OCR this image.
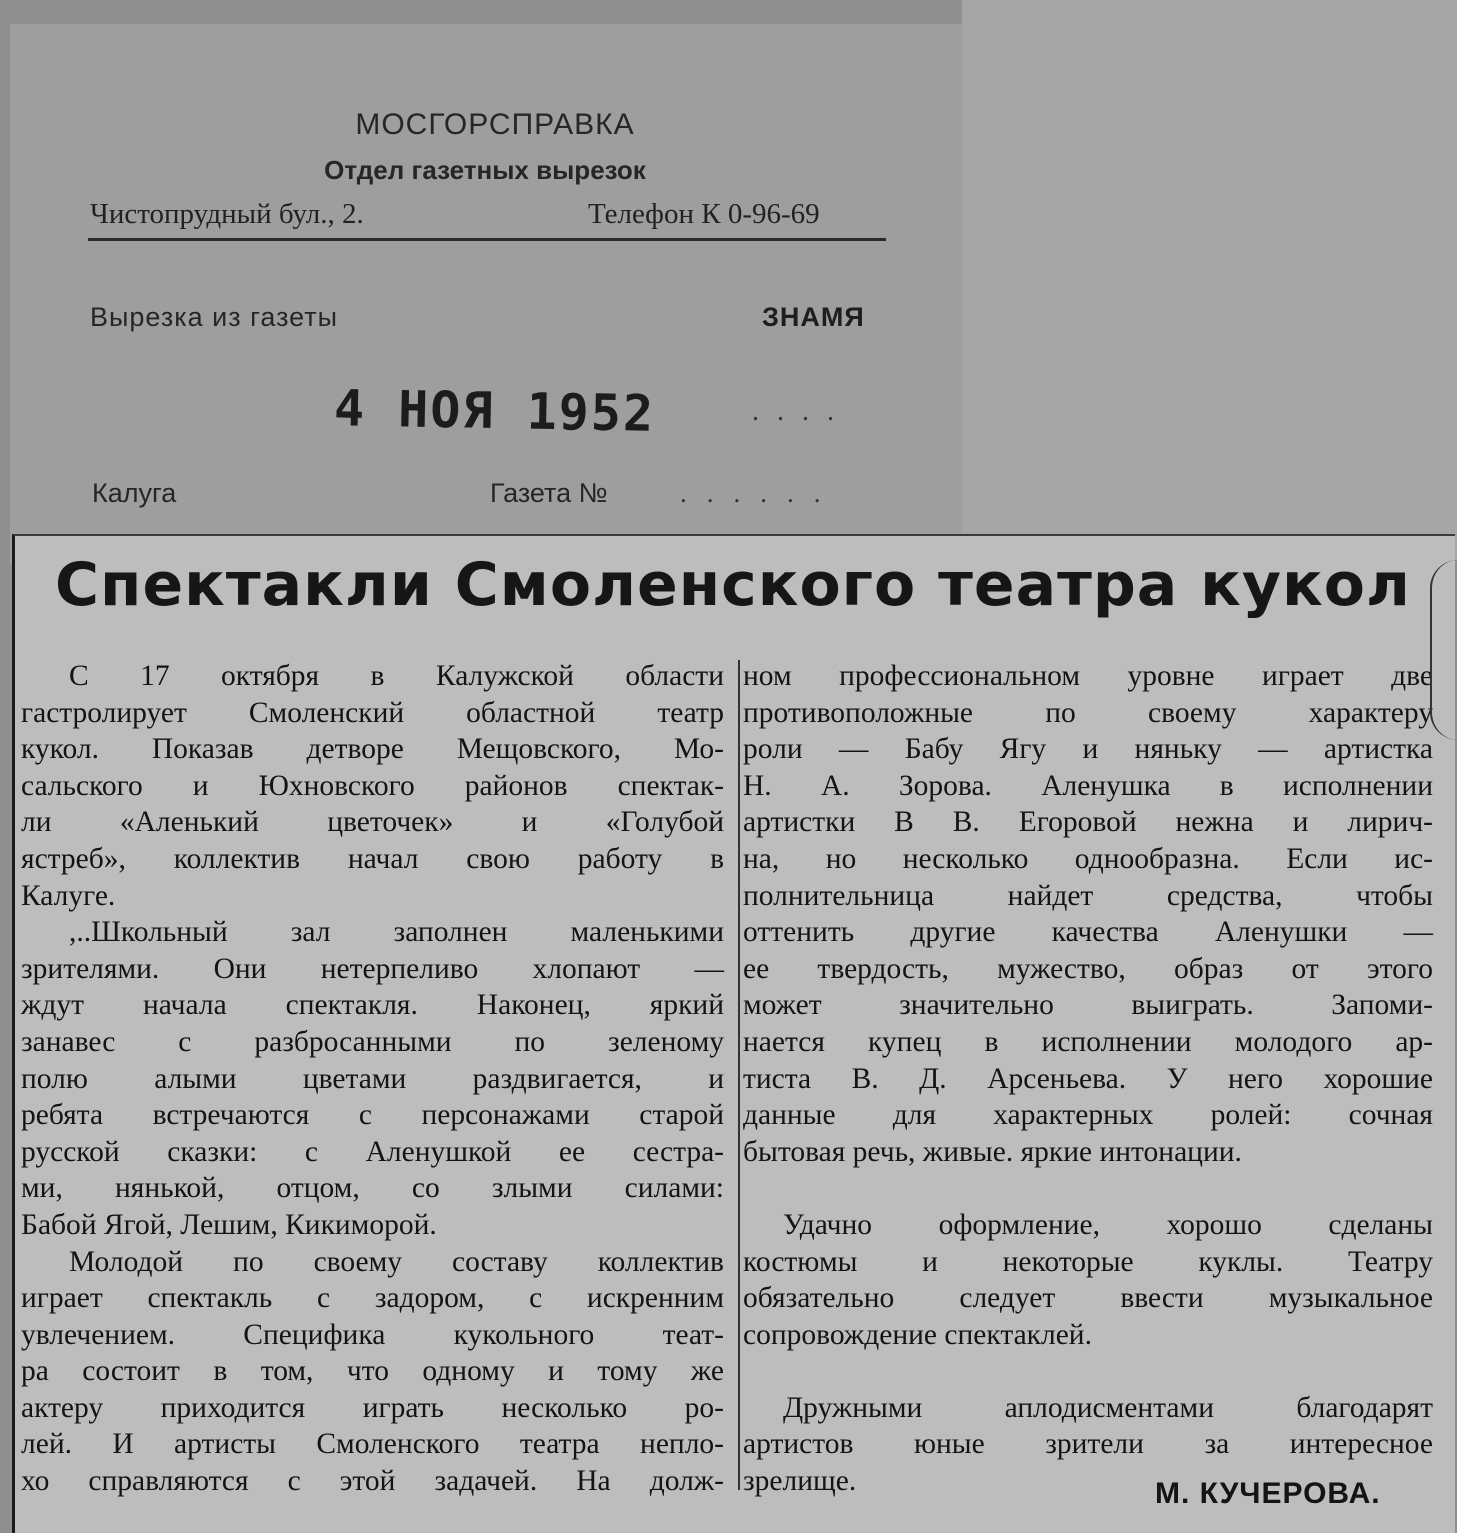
МОСГОРСПРАВКА
Отдел газетных вырезок
Чистопрудный бул., 2.	Телефон К 0-96-69
Вырезка из газеты	ЗНАМЯ
4 НОЯ 1952	....
Калуга	Газета №	......
Спектакли Смоленского театра кукол
С 17 октября в Калужской области
гастролирует Смоленский областной театр
кукол. Показав детворе Мещовского, Мо-
сальского и Юхновского районов спектак-
ли «Аленький цветочек» и «Голубой
ястреб», коллектив начал свою работу в
Калуге.
,..Школьный зал заполнен маленькими
зрителями. Они нетерпеливо хлопают —
ждут начала спектакля. Наконец, яркий
занавес с разбросанными по зеленому
полю алыми цветами раздвигается, и
ребята встречаются с персонажами старой
русской сказки: с Аленушкой ее сестра-
ми, нянькой, отцом, со злыми силами:
Бабой Ягой, Лешим, Кикиморой.
Молодой по своему составу коллектив
играет спектакль с задором, с искренним
увлечением. Специфика кукольного теат-
ра состоит в том, что одному и тому же
актеру приходится играть несколько ро-
лей. И артисты Смоленского театра непло-
хо справляются с этой задачей. На долж-
ном профессиональном уровне играет две
противоположные по своему характеру
роли — Бабу Ягу и няньку — артистка
Н. А. Зорова. Аленушка в исполнении
артистки В В. Егоровой нежна и лирич-
на, но несколько однообразна. Если ис-
полнительница найдет средства, чтобы
оттенить другие качества Аленушки —
ее твердость, мужество, образ от этого
может значительно выиграть. Запоми-
нается купец в исполнении молодого ар-
тиста В. Д. Арсеньева. У него хорошие
данные для характерных ролей: сочная
бытовая речь, живые. яркие интонации.
Удачно оформление, хорошо сделаны
костюмы и некоторые куклы. Театру
обязательно следует ввести музыкальное
сопровождение спектаклей.
Дружными аплодисментами благодарят
артистов юные зрители за интересное
зрелище.	М. КУЧЕРОВА.
